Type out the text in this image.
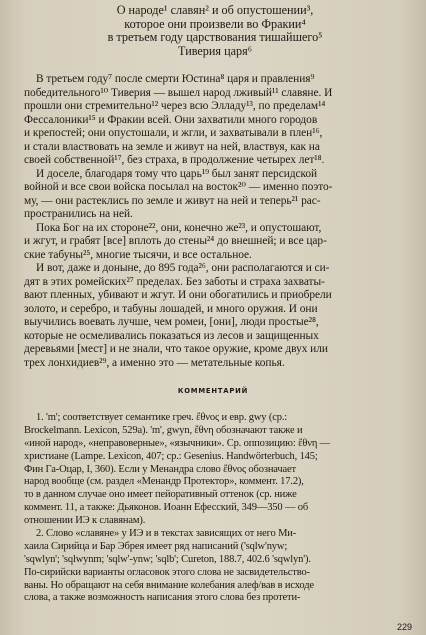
О народе¹ славян² и об опустошении³,
которое они произвели во Фракии⁴
в третьем году царствования тишайшего⁵
Тиверия царя⁶
В третьем году⁷ после смерти Юстина⁸ царя и правления⁹
победительного¹⁰ Тиверия — вышел народ лживый¹¹ славяне. И
прошли они стремительно¹² через всю Элладу¹³, по пределам¹⁴
Фессалоники¹⁵ и Фракии всей. Они захватили много городов
и крепостей; они опустошали, и жгли, и захватывали в плен¹⁶,
и стали властвовать на земле и живут на ней, властвуя, как на
своей собственной¹⁷, без страха, в продолжение четырех лет¹⁸.
И доселе, благодаря тому что царь¹⁹ был занят персидской
войной и все свои войска посылал на восток²⁰ — именно поэто-
му, — они растеклись по земле и живут на ней и теперь²¹ рас-
пространились на ней.
Пока Бог на их стороне²², они, конечно же²³, и опустошают,
и жгут, и грабят [все] вплоть до стены²⁴ до внешней; и все цар-
ские табуны²⁵, многие тысячи, и все остальное.
И вот, даже и доныне, до 895 года²⁶, они располагаются и си-
дят в этих ромейских²⁷ пределах. Без заботы и страха захваты-
вают пленных, убивают и жгут. И они обогатились и приобрели
золото, и серебро, и табуны лошадей, и много оружия. И они
выучились воевать лучше, чем ромеи, [они], люди простые²⁸,
которые не осмеливались показаться из лесов и защищенных
деревьями [мест] и не знали, что такое оружие, кроме двух или
трех лонхидиев²⁹, а именно это — метательные копья.
КОММЕНТАРИЙ
1. 'm'; соответствует семантике греч. ἔθνος и евр. gwy (ср.:
Brockelmann. Lexicon, 529a). 'm', gwyn, ἔθνη обозначают также и
«иной народ», «неправоверные», «язычники». Ср. оппозицию: ἔθνη —
христиане (Lampe. Lexicon, 407; ср.: Gesenius. Handwörterbuch, 145;
Фин Га-Оцар, I, 360). Если у Менандра слово ἔθνος обозначает
народ вообще (см. раздел «Менандр Протектор», коммент. 17.2),
то в данном случае оно имеет пейоративный оттенок (ср. ниже
коммент. 11, а также: Дьяконов. Иоанн Ефесский, 349—350 — об
отношении ИЭ к славянам).
2. Слово «славяне» у ИЭ и в текстах зависящих от него Ми-
хаила Сирийца и Бар Эбрея имеет ряд написаний ('sqlw'nyw;
'sqwlyn'; 'sqlwynm; 'sqlw'-ynw; 'sqlb'; Cureton, 188.7, 402.6 'sqwlyn').
По-сирийски варианты огласовок этого слова не засвидетельство-
ваны. Но обращают на себя внимание колебания алеф/вав в исходе
слова, а также возможность написания этого слова без протети-
229
